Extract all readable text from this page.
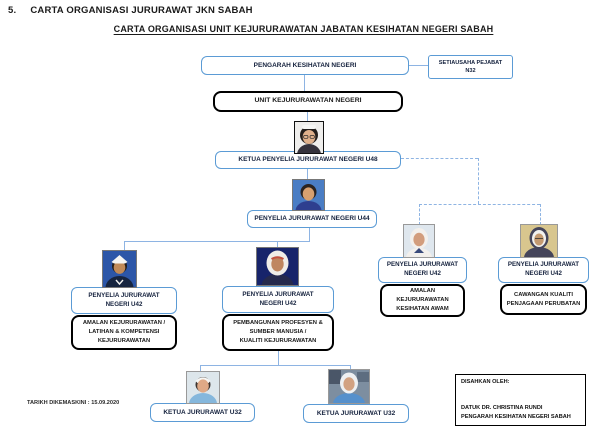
5. CARTA ORGANISASI JURURAWAT JKN SABAH
CARTA ORGANISASI UNIT KEJURURAWATAN JABATAN KESIHATAN NEGERI SABAH
PENGARAH KESIHATAN NEGERI	SETIAUSAHA PEJABAT
N32
UNIT KEJURURAWATAN NEGERI
KETUA PENYELIA JURURAWAT NEGERI U48
PENYELIA JURURAWAT NEGERI U44
PENYELIA JURURAWAT
NEGERI U42
AMALAN KEJURURAWATAN /
LATIHAN & KOMPETENSI
KEJURURAWATAN
PENYELIA JURURAWAT
NEGERI U42
PEMBANGUNAN PROFESYEN &
SUMBER MANUSIA /
KUALITI KEJURURAWATAN
PENYELIA JURURAWAT
NEGERI U42
AMALAN
KEJURURAWATAN
KESIHATAN AWAM
PENYELIA JURURAWAT
NEGERI U42
CAWANGAN KUALITI
PENJAGAAN PERUBATAN
KETUA JURURAWAT U32	KETUA JURURAWAT U32
DISAHKAN OLEH:
DATUK DR. CHRISTINA RUNDI
PENGARAH KESIHATAN NEGERI SABAH
TARIKH DIKEMASKINI : 15.09.2020
